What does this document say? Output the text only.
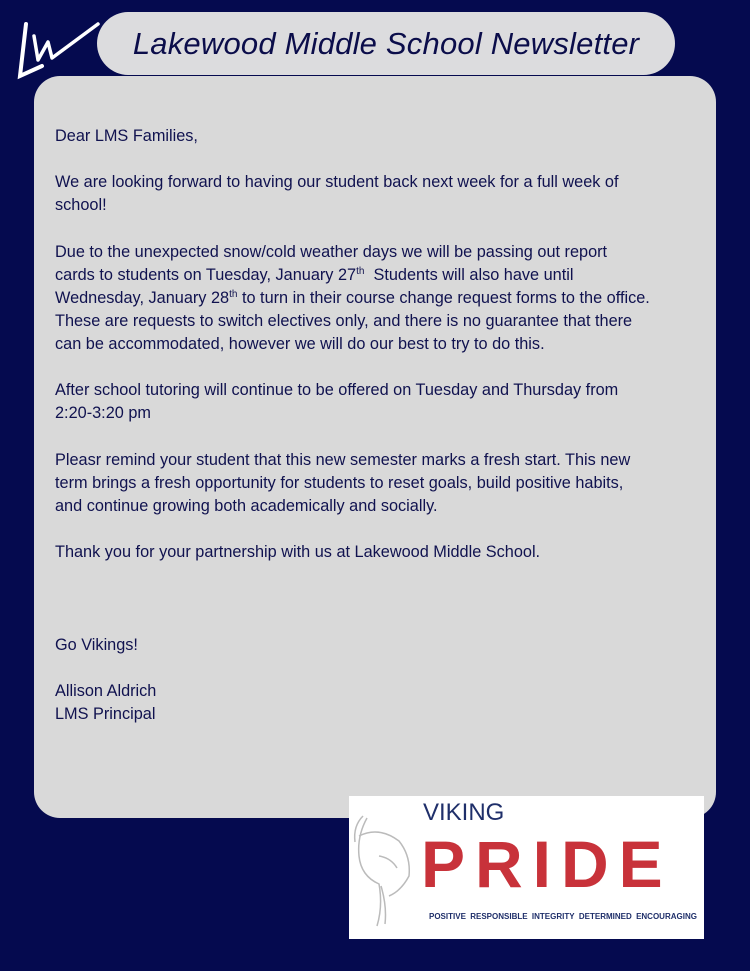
Lakewood Middle School Newsletter
Dear LMS Families,
We are looking forward to having our student back next week for a full week of
school!
Due to the unexpected snow/cold weather days we will be passing out report
cards to students on Tuesday, January 27th  Students will also have until
Wednesday, January 28th to turn in their course change request forms to the office.
These are requests to switch electives only, and there is no guarantee that there
can be accommodated, however we will do our best to try to do this.
After school tutoring will continue to be offered on Tuesday and Thursday from
2:20-3:20 pm
Pleasr remind your student that this new semester marks a fresh start. This new
term brings a fresh opportunity for students to reset goals, build positive habits,
and continue growing both academically and socially.
Thank you for your partnership with us at Lakewood Middle School.
Go Vikings!
Allison Aldrich
LMS Principal
VIKING
PRIDE
POSITIVE RESPONSIBLE INTEGRITY DETERMINED ENCOURAGING
